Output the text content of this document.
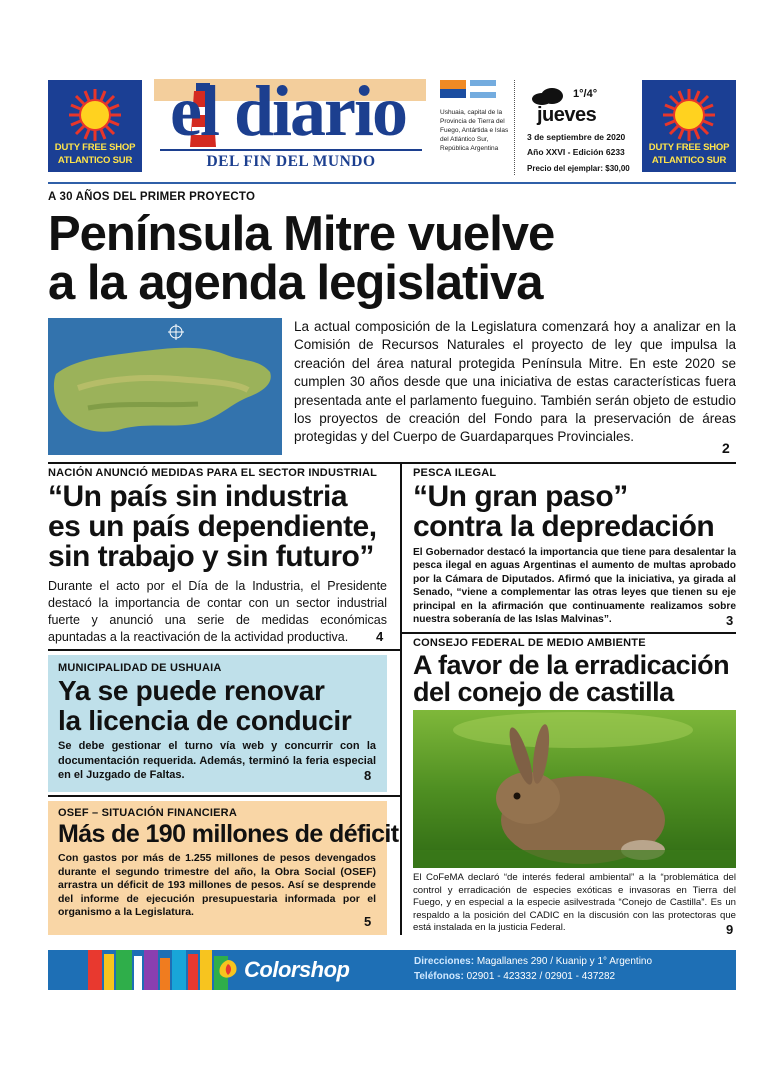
DUTY FREE SHOP
ATLANTICO SUR
el diario
DEL FIN DEL MUNDO
Ushuaia, capital de la Provincia de Tierra del Fuego, Antártida e Islas del Atlántico Sur, República Argentina
1°/4°
jueves
3 de septiembre de 2020
Año XXVI - Edición 6233
Precio del ejemplar: $30,00
DUTY FREE SHOP
ATLANTICO SUR
A 30 AÑOS DEL PRIMER PROYECTO
Península Mitre vuelve
a la agenda legislativa
La actual composición de la Legislatura comenzará hoy a analizar en la Comisión de Recursos Naturales el proyecto de ley que impulsa la creación del área natural protegida Península Mitre. En este 2020 se cumplen 30 años desde que una iniciativa de estas características fuera presentada ante el parlamento fueguino. También serán objeto de estudio los proyectos de creación del Fondo para la preservación de áreas protegidas y del Cuerpo de Guardaparques Provinciales.
2
NACIÓN ANUNCIÓ MEDIDAS PARA EL SECTOR INDUSTRIAL
“Un país sin industria
es un país dependiente,
sin trabajo y sin futuro”
Durante el acto por el Día de la Industria, el Presidente destacó la importancia de contar con un sector industrial fuerte y anunció una serie de medidas económicas apuntadas a la reactivación de la actividad productiva.	4
MUNICIPALIDAD DE USHUAIA
Ya se puede renovar
la licencia de conducir
Se debe gestionar el turno vía web y concurrir con la documentación requerida. Además, terminó la feria especial en el Juzgado de Faltas.	8
OSEF – SITUACIÓN FINANCIERA
Más de 190 millones de déficit
Con gastos por más de 1.255 millones de pesos devengados durante el segundo trimestre del año, la Obra Social (OSEF) arrastra un déficit de 193 millones de pesos. Así se desprende del informe de ejecución presupuestaria informada por el organismo a la Legislatura.
5
PESCA ILEGAL
“Un gran paso”
contra la depredación
El Gobernador destacó la importancia que tiene para desalentar la pesca ilegal en aguas Argentinas el aumento de multas aprobado por la Cámara de Diputados. Afirmó que la iniciativa, ya girada al Senado, “viene a complementar las otras leyes que tienen su eje principal en la afirmación que continuamente realizamos sobre nuestra soberanía de las Islas Malvinas”.	3
CONSEJO FEDERAL DE MEDIO AMBIENTE
A favor de la erradicación
del conejo de castilla
El CoFeMA declaró “de interés federal ambiental” a la “problemática del control y erradicación de especies exóticas e invasoras en Tierra del Fuego, y en especial a la especie asilvestrada “Conejo de Castilla”. Es un respaldo a la posición del CADIC en la discusión con las protectoras que está instalada en la justicia Federal.	9
Colorshop	Direcciones: Magallanes 290 / Kuanip y 1° Argentino
Teléfonos: 02901 - 423332 / 02901 - 437282
